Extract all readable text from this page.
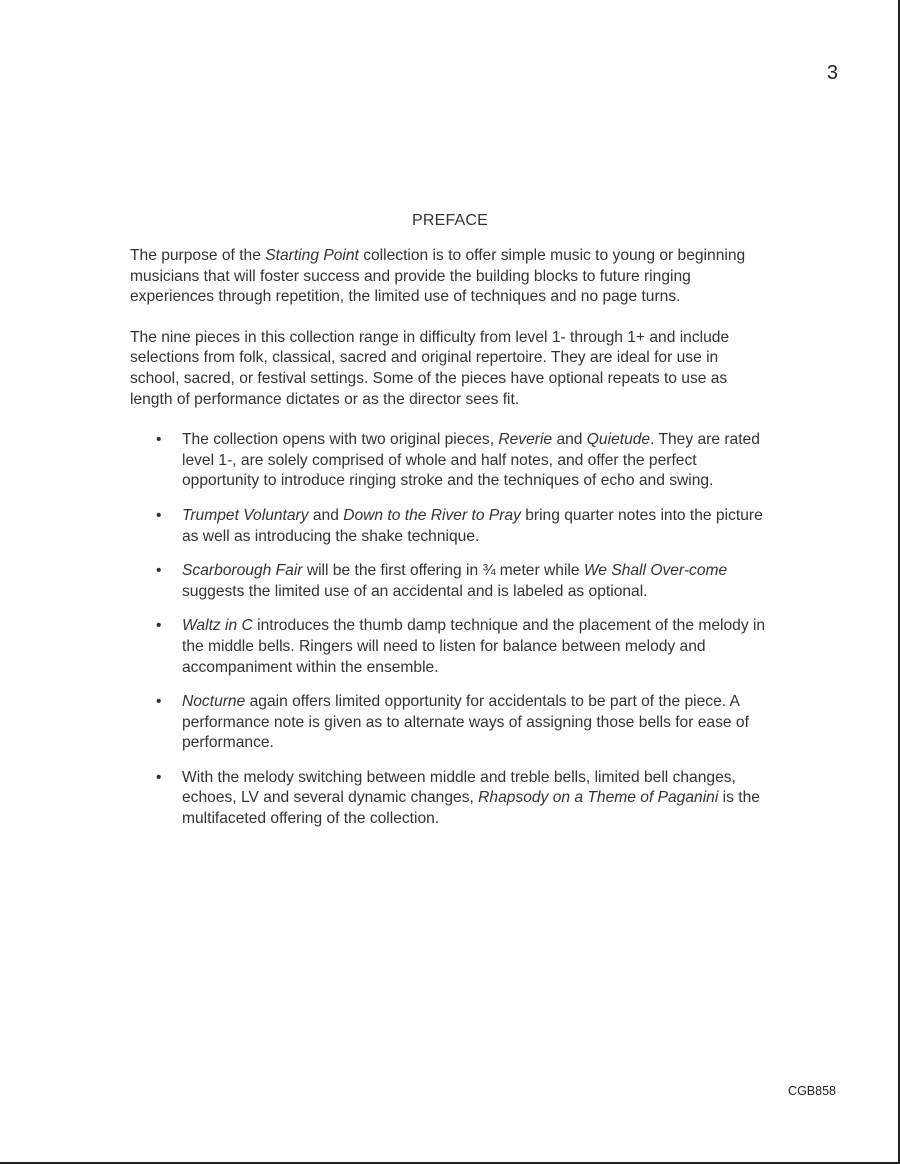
3
PREFACE

The purpose of the Starting Point collection is to offer simple music to young or beginning musicians that will foster success and provide the building blocks to future ringing experiences through repetition, the limited use of techniques and no page turns.

The nine pieces in this collection range in difficulty from level 1- through 1+ and include selections from folk, classical, sacred and original repertoire. They are ideal for use in school, sacred, or festival settings. Some of the pieces have optional repeats to use as length of performance dictates or as the director sees fit.

• The collection opens with two original pieces, Reverie and Quietude. They are rated level 1-, are solely comprised of whole and half notes, and offer the perfect opportunity to introduce ringing stroke and the techniques of echo and swing.
• Trumpet Voluntary and Down to the River to Pray bring quarter notes into the picture as well as introducing the shake technique.
• Scarborough Fair will be the first offering in ¾ meter while We Shall Over-come suggests the limited use of an accidental and is labeled as optional.
• Waltz in C introduces the thumb damp technique and the placement of the melody in the middle bells. Ringers will need to listen for balance between melody and accompaniment within the ensemble.
• Nocturne again offers limited opportunity for accidentals to be part of the piece. A performance note is given as to alternate ways of assigning those bells for ease of performance.
• With the melody switching between middle and treble bells, limited bell changes, echoes, LV and several dynamic changes, Rhapsody on a Theme of Paganini is the multifaceted offering of the collection.
CGB858
